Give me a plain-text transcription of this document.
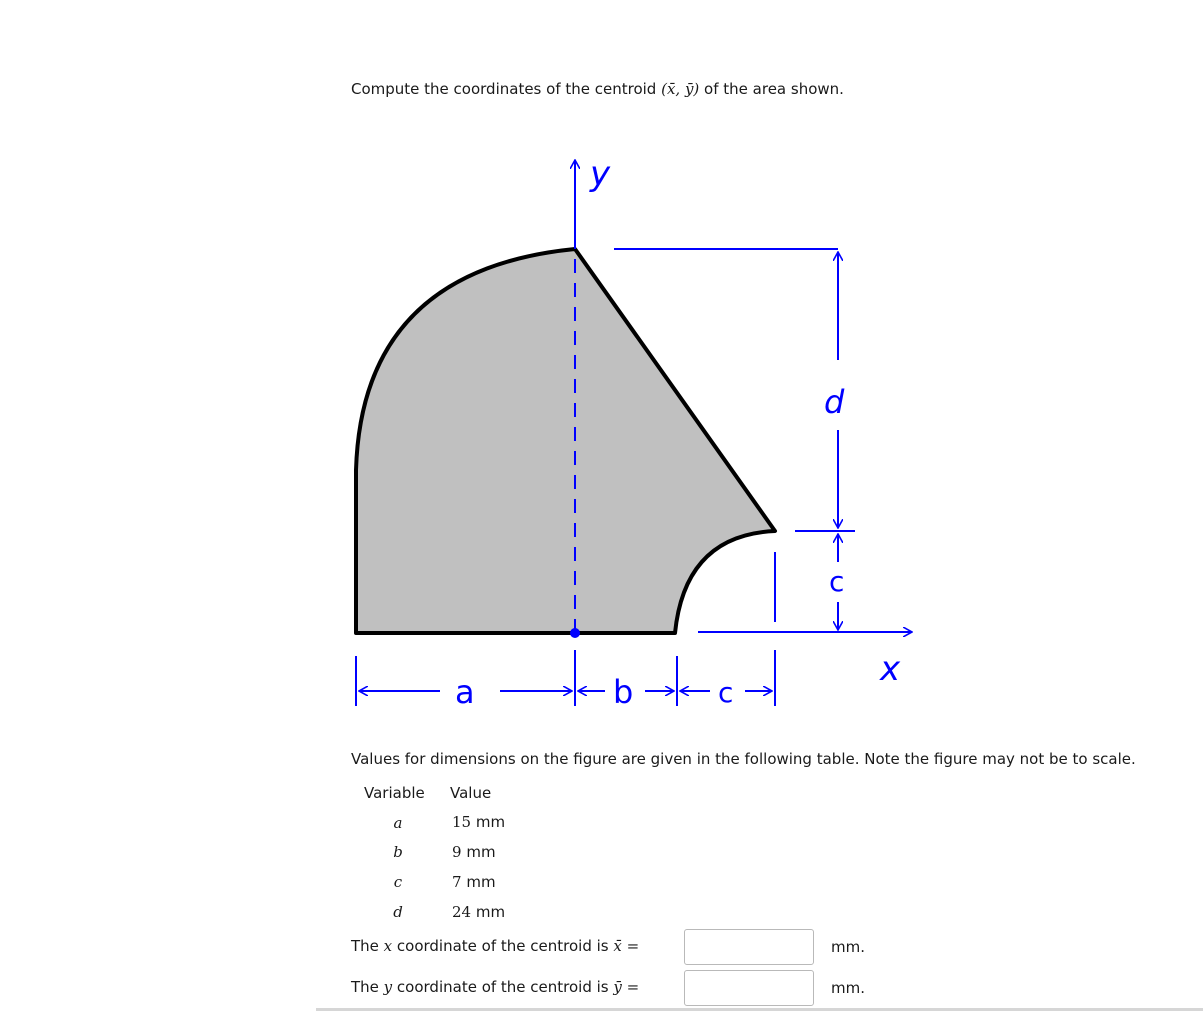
Compute the coordinates of the centroid (x̄, ȳ) of the area shown.
y
x
d
c
a	b	c
Values for dimensions on the figure are given in the following table. Note the figure may not be to scale.
Variable Value
a	15 mm
b	9 mm
c	7 mm
d	24 mm
The x coordinate of the centroid is x̄ =	mm.
The y coordinate of the centroid is ȳ =	mm.
